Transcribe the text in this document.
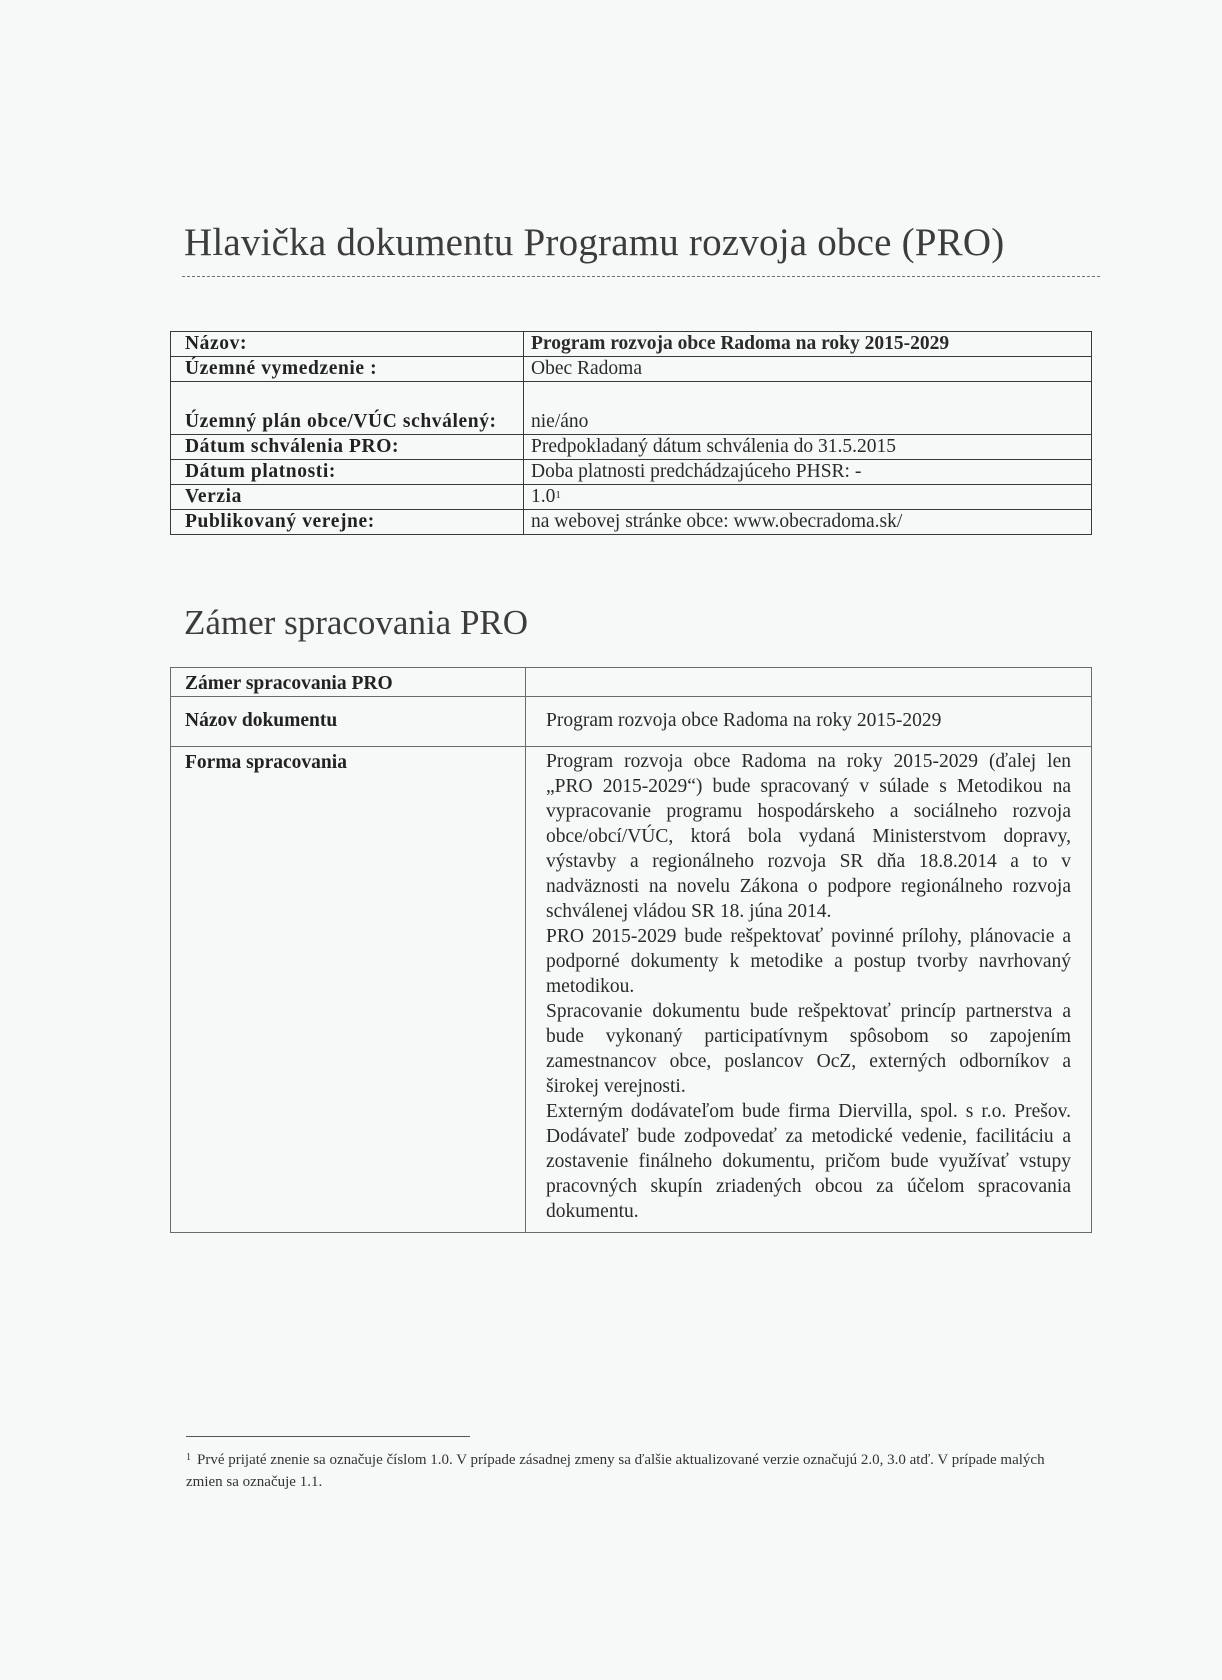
Hlavička dokumentu Programu rozvoja obce (PRO)
Názov:	Program rozvoja obce Radoma na roky 2015-2029
Územné vymedzenie :	Obec Radoma
Územný plán obce/VÚC schválený:	nie/áno
Dátum schválenia PRO:	Predpokladaný dátum schválenia do 31.5.2015
Dátum platnosti:	Doba platnosti predchádzajúceho PHSR: -
Verzia	$1.0^1$
Publikovaný verejne:	na webovej stránke obce: www.obecradoma.sk/
Zámer spracovania PRO
Zámer spracovania PRO	
Názov dokumentu	Program rozvoja obce Radoma na roky 2015-2029
Forma spracovania	Program rozvoja obce Radoma na roky 2015-2029 (ďalej len „PRO 2015-2029“) bude spracovaný v súlade s Metodikou na vypracovanie programu hospodárskeho a sociálneho rozvoja obce/obcí/VÚC, ktorá bola vydaná Ministerstvom dopravy, výstavby a regionálneho rozvoja SR dňa 18.8.2014 a to v nadväznosti na novelu Zákona o podpore regionálneho rozvoja schválenej vládou SR 18. júna 2014.

PRO 2015-2029 bude rešpektovať povinné prílohy, plánovacie a podporné dokumenty k metodike a postup tvorby navrhovaný metodikou.

Spracovanie dokumentu bude rešpektovať princíp partnerstva a bude vykonaný participatívnym spôsobom so zapojením zamestnancov obce, poslancov OcZ, externých odborníkov a širokej verejnosti.

Externým dodávateľom bude firma Diervilla, spol. s r.o. Prešov. Dodávateľ bude zodpovedať za metodické vedenie, facilitáciu a zostavenie finálneho dokumentu, pričom bude využívať vstupy pracovných skupín zriadených obcou za účelom spracovania dokumentu.

$^1$ Prvé prijaté znenie sa označuje číslom 1.0. V prípade zásadnej zmeny sa ďalšie aktualizované verzie označujú 2.0, 3.0 atď. V prípade malých zmien sa označuje 1.1.
